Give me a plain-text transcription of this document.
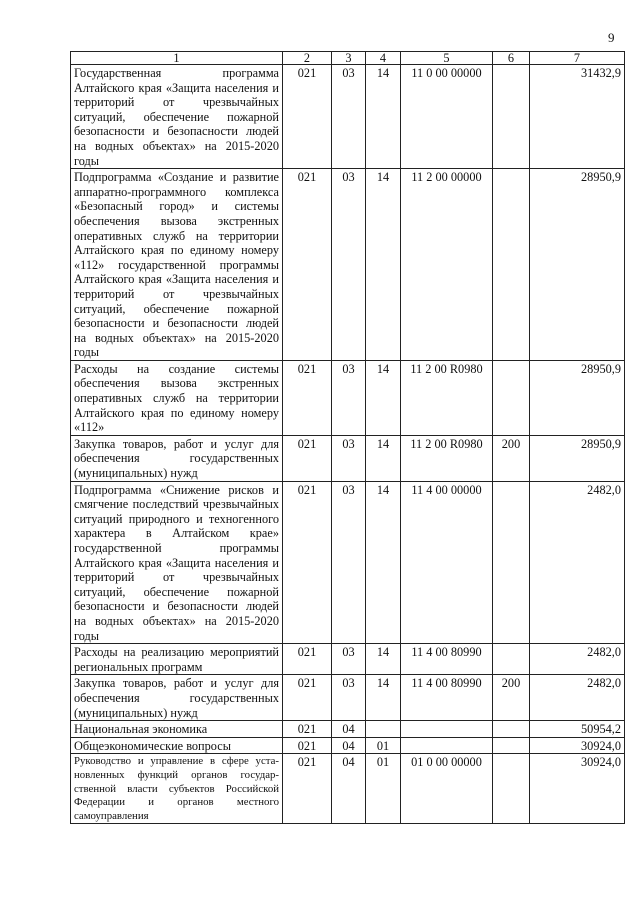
9
1	2	3	4	5	6	7
Государственная программа Алтайского края «Защита населения и территорий от чрезвычайных ситуаций, обеспечение пожарной безопасности и безопасности людей на водных объектах» на 2015-2020 годы	021	03	14	11 0 00 00000		31432,9
Подпрограмма «Создание и развитие аппаратно-программного комплекса «Безопасный город» и системы обеспечения вызова экстренных оперативных служб на территории Алтайского края по единому номеру «112» государственной программы Алтайского края «Защита населения и территорий от чрезвычайных ситуаций, обеспечение пожарной безопасности и безопасности людей на водных объектах» на 2015-2020 годы	021	03	14	11 2 00 00000		28950,9
Расходы на создание системы обеспечения вызова экстренных оперативных служб на территории Алтайского края по единому номеру «112»	021	03	14	11 2 00 R0980		28950,9
Закупка товаров, работ и услуг для обеспечения государственных (муниципальных) нужд	021	03	14	11 2 00 R0980	200	28950,9
Подпрограмма «Снижение рисков и смягчение последствий чрезвычайных ситуаций природного и техногенного характера в Алтайском крае» государственной программы Алтайского края «Защита населения и территорий от чрезвычайных ситуаций, обеспечение пожарной безопасности и безопасности людей на водных объектах» на 2015-2020 годы	021	03	14	11 4 00 00000		2482,0
Расходы на реализацию мероприятий региональных программ	021	03	14	11 4 00 80990		2482,0
Закупка товаров, работ и услуг для обеспечения государственных (муниципальных) нужд	021	03	14	11 4 00 80990	200	2482,0
Национальная экономика	021	04				50954,2
Общеэкономические вопросы	021	04	01			30924,0
Руководство и управление в сфере установленных функций органов государственной власти субъектов Российской Федерации и органов местного самоуправления	021	04	01	01 0 00 00000		30924,0
